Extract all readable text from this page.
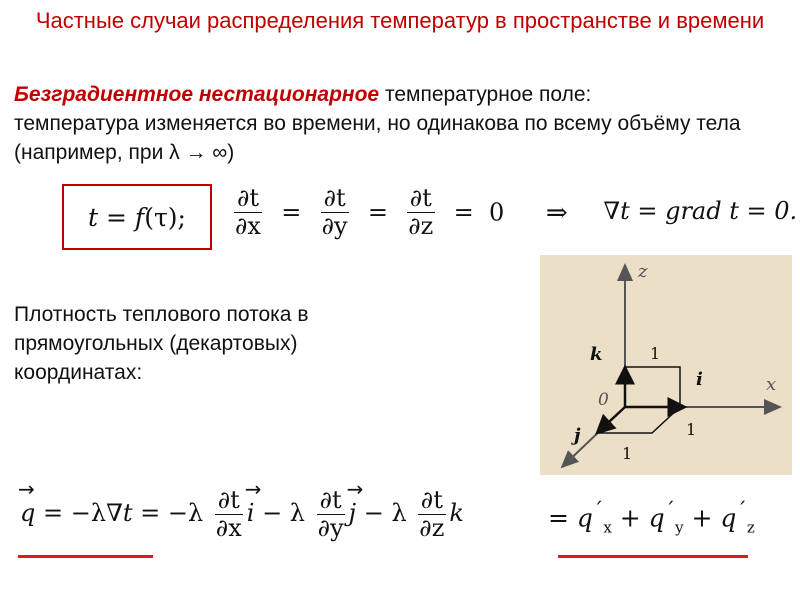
Частные случаи распределения температур в пространстве и времени
Безградиентное нестационарное температурное поле:
температура изменяется во времени, но одинакова по всему объёму тела (например, при λ → ∞)
t = f (τ); $\frac{\partial t}{\partial x} = \frac{\partial t}{\partial y} = \frac{\partial t}{\partial z} = 0$ ⇒ ∇t = grad t = 0.
Плотность теплового потока в прямоугольных (декартовых) координатах:
z
x
0
k
i
j
1
1
1
→
$q = -\lambda\nabla t = -\lambda \frac{\partial t}{\partial x}$ →
i − λ $\frac{\partial t}{\partial y}$ →
j − λ $\frac{\partial t}{\partial z}$ k	= $q^´_x + q^´_y + q^´_z$
